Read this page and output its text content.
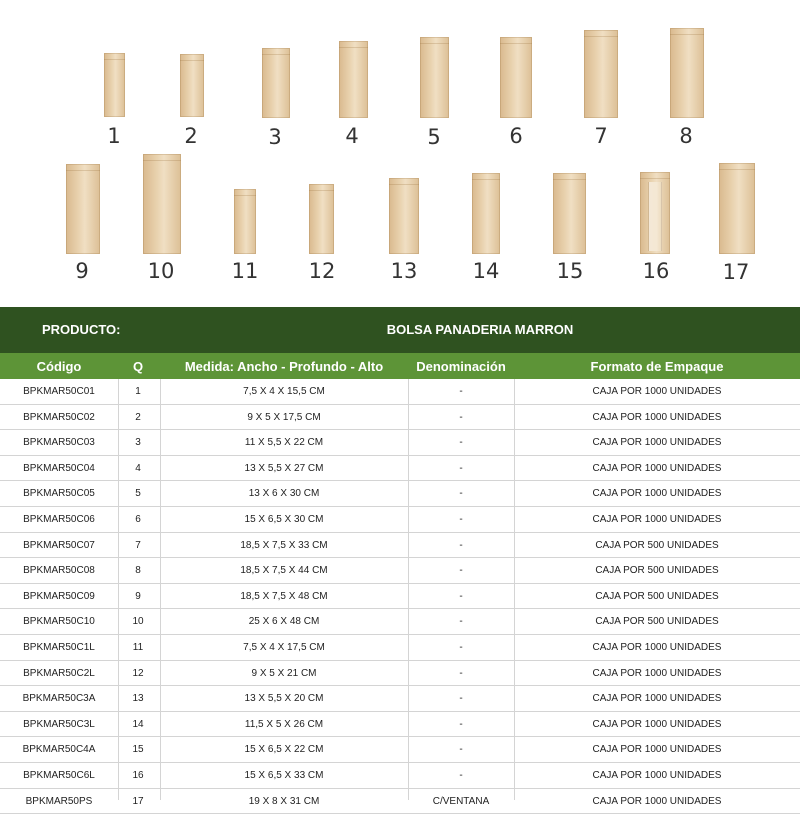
1	2	3	4	5	6	7	8
9	10	11	12	13	14	15	16	17
PRODUCTO:	BOLSA PANADERIA MARRON
Código	Q	Medida: Ancho - Profundo - Alto	Denominación	Formato de Empaque
BPKMAR50C01	1	7,5 X 4 X 15,5 CM	-	CAJA POR 1000 UNIDADES
BPKMAR50C02	2	9 X 5 X 17,5 CM	-	CAJA POR 1000 UNIDADES
BPKMAR50C03	3	11 X 5,5 X 22 CM	-	CAJA POR 1000 UNIDADES
BPKMAR50C04	4	13 X 5,5 X 27 CM	-	CAJA POR 1000 UNIDADES
BPKMAR50C05	5	13 X 6 X 30 CM	-	CAJA POR 1000 UNIDADES
BPKMAR50C06	6	15 X 6,5 X 30 CM	-	CAJA POR 1000 UNIDADES
BPKMAR50C07	7	18,5 X 7,5 X 33 CM	-	CAJA POR 500 UNIDADES
BPKMAR50C08	8	18,5 X 7,5 X 44 CM	-	CAJA POR 500 UNIDADES
BPKMAR50C09	9	18,5 X 7,5 X 48 CM	-	CAJA POR 500 UNIDADES
BPKMAR50C10	10	25 X 6 X 48 CM	-	CAJA POR 500 UNIDADES
BPKMAR50C1L	11	7,5 X 4 X 17,5 CM	-	CAJA POR 1000 UNIDADES
BPKMAR50C2L	12	9 X 5 X 21 CM	-	CAJA POR 1000 UNIDADES
BPKMAR50C3A	13	13 X 5,5 X 20 CM	-	CAJA POR 1000 UNIDADES
BPKMAR50C3L	14	11,5 X 5 X 26 CM	-	CAJA POR 1000 UNIDADES
BPKMAR50C4A	15	15 X 6,5 X 22 CM	-	CAJA POR 1000 UNIDADES
BPKMAR50C6L	16	15 X 6,5 X 33 CM	-	CAJA POR 1000 UNIDADES
BPKMAR50PS	17	19 X 8 X 31 CM	C/VENTANA	CAJA POR 1000 UNIDADES
